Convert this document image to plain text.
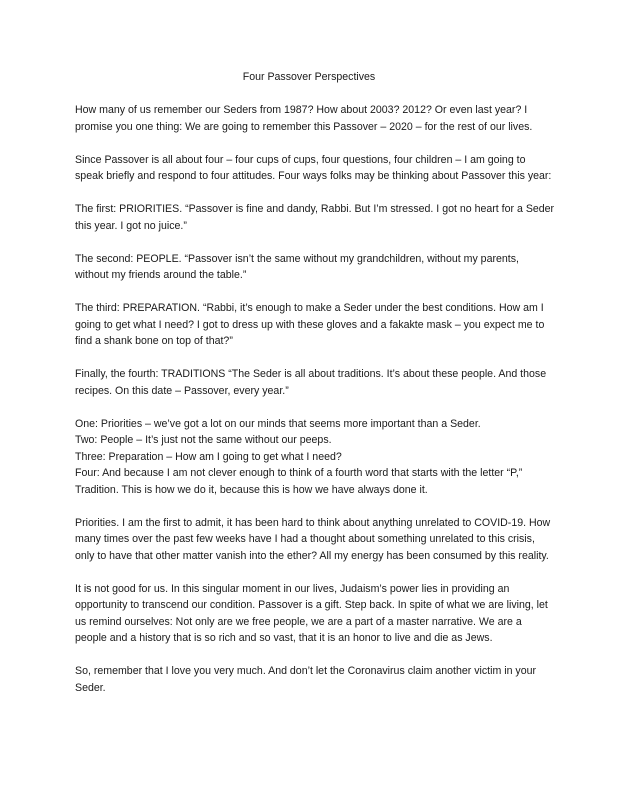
Four Passover Perspectives

How many of us remember our Seders from 1987? How about 2003? 2012? Or even last year? I promise you one thing: We are going to remember this Passover – 2020 – for the rest of our lives.

Since Passover is all about four – four cups of cups, four questions, four children – I am going to speak briefly and respond to four attitudes. Four ways folks may be thinking about Passover this year:

The first: PRIORITIES. “Passover is fine and dandy, Rabbi. But I’m stressed. I got no heart for a Seder this year. I got no juice.”

The second: PEOPLE. “Passover isn’t the same without my grandchildren, without my parents, without my friends around the table.”

The third: PREPARATION. “Rabbi, it’s enough to make a Seder under the best conditions. How am I going to get what I need? I got to dress up with these gloves and a fakakte mask – you expect me to find a shank bone on top of that?”

Finally, the fourth: TRADITIONS “The Seder is all about traditions. It’s about these people. And those recipes. On this date – Passover, every year.”

One: Priorities – we’ve got a lot on our minds that seems more important than a Seder.
Two: People – It’s just not the same without our peeps.
Three: Preparation – How am I going to get what I need?
Four: And because I am not clever enough to think of a fourth word that starts with the letter “P,” Tradition. This is how we do it, because this is how we have always done it.

Priorities. I am the first to admit, it has been hard to think about anything unrelated to COVID-19. How many times over the past few weeks have I had a thought about something unrelated to this crisis, only to have that other matter vanish into the ether? All my energy has been consumed by this reality.

It is not good for us. In this singular moment in our lives, Judaism’s power lies in providing an opportunity to transcend our condition. Passover is a gift. Step back. In spite of what we are living, let us remind ourselves: Not only are we free people, we are a part of a master narrative. We are a people and a history that is so rich and so vast, that it is an honor to live and die as Jews.

So, remember that I love you very much. And don’t let the Coronavirus claim another victim in your Seder.
